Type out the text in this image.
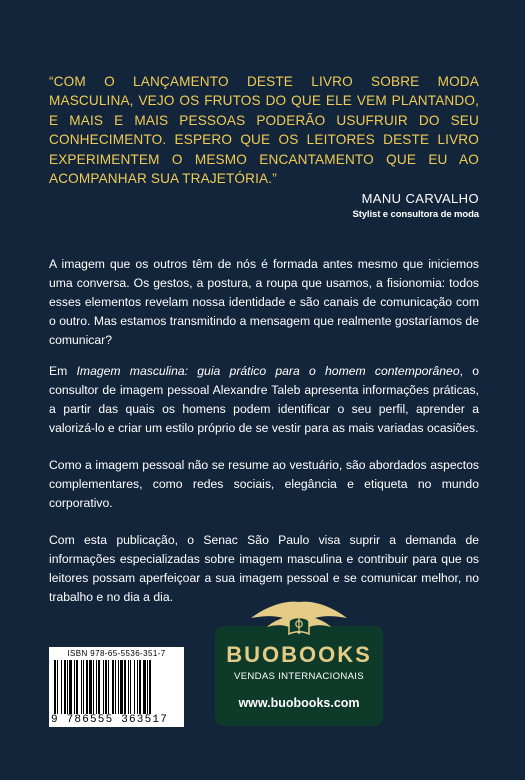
“COM O LANÇAMENTO DESTE LIVRO SOBRE MODA MASCULINA, VEJO OS FRUTOS DO QUE ELE VEM PLANTANDO, E MAIS E MAIS PESSOAS PODERÃO USUFRUIR DO SEU CONHECIMENTO. ESPERO QUE OS LEITORES DESTE LIVRO EXPERIMENTEM O MESMO ENCANTAMENTO QUE EU AO ACOMPANHAR SUA TRAJETÓRIA.”
MANU CARVALHO
Stylist e consultora de moda

A imagem que os outros têm de nós é formada antes mesmo que iniciemos uma conversa. Os gestos, a postura, a roupa que usamos, a fisionomia: todos esses elementos revelam nossa identidade e são canais de comunicação com o outro. Mas estamos transmitindo a mensagem que realmente gostaríamos de comunicar?

Em Imagem masculina: guia prático para o homem contemporâneo, o consultor de imagem pessoal Alexandre Taleb apresenta informações práticas, a partir das quais os homens podem identificar o seu perfil, aprender a valorizá-lo e criar um estilo próprio de se vestir para as mais variadas ocasiões.

Como a imagem pessoal não se resume ao vestuário, são abordados aspectos complementares, como redes sociais, elegância e etiqueta no mundo corporativo.

Com esta publicação, o Senac São Paulo visa suprir a demanda de informações especializadas sobre imagem masculina e contribuir para que os leitores possam aperfeiçoar a sua imagem pessoal e se comunicar melhor, no trabalho e no dia a dia.

ISBN 978-65-5536-351-7
9 786555 363517
BUOBOOKS
VENDAS INTERNACIONAIS
www.buobooks.com
